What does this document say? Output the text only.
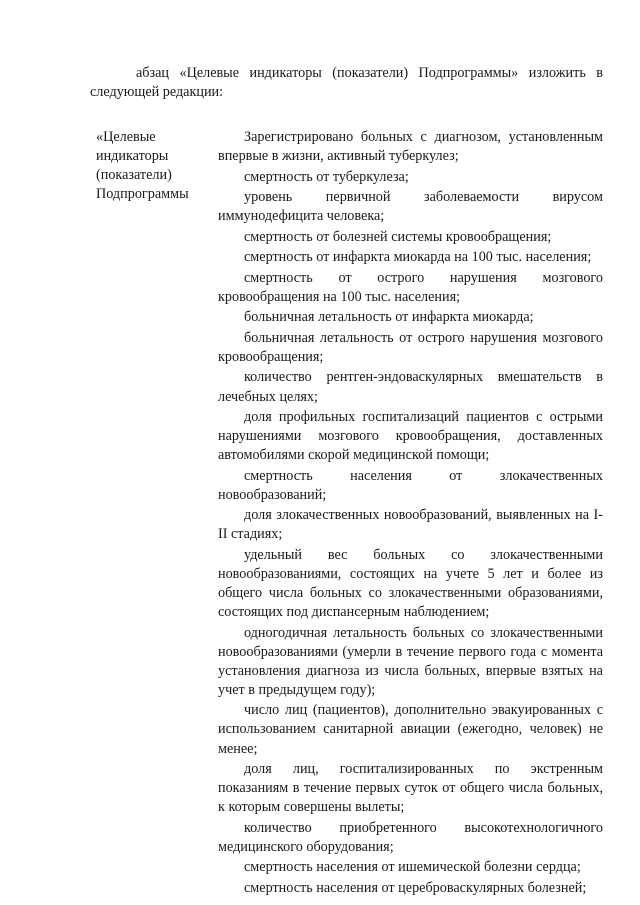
абзац «Целевые индикаторы (показатели) Подпрограммы» изложить в следующей редакции:

«Целевые
индикаторы
(показатели)
Подпрограммы

Зарегистрировано больных с диагнозом, установленным впервые в жизни, активный туберкулез;

смертность от туберкулеза;

уровень первичной заболеваемости вирусом иммунодефицита человека;

смертность от болезней системы кровообращения;

смертность от инфаркта миокарда на 100 тыс. населения;

смертность от острого нарушения мозгового кровообращения на 100 тыс. населения;

больничная летальность от инфаркта миокарда;

больничная летальность от острого нарушения мозгового кровообращения;

количество рентген-эндоваскулярных вмешательств в лечебных целях;

доля профильных госпитализаций пациентов с острыми нарушениями мозгового кровообращения, доставленных автомобилями скорой медицинской помощи;

смертность населения от злокачественных новообразований;

доля злокачественных новообразований, выявленных на I-II стадиях;

удельный вес больных со злокачественными новообразованиями, состоящих на учете 5 лет и более из общего числа больных со злокачественными образованиями, состоящих под диспансерным наблюдением;

одногодичная летальность больных со злокачественными новообразованиями (умерли в течение первого года с момента установления диагноза из числа больных, впервые взятых на учет в предыдущем году);

число лиц (пациентов), дополнительно эвакуированных с использованием санитарной авиации (ежегодно, человек) не менее;

доля лиц, госпитализированных по экстренным показаниям в течение первых суток от общего числа больных, к которым совершены вылеты;

количество приобретенного высокотехнологичного медицинского оборудования;

смертность населения от ишемической болезни сердца;

смертность населения от цереброваскулярных болезней;
